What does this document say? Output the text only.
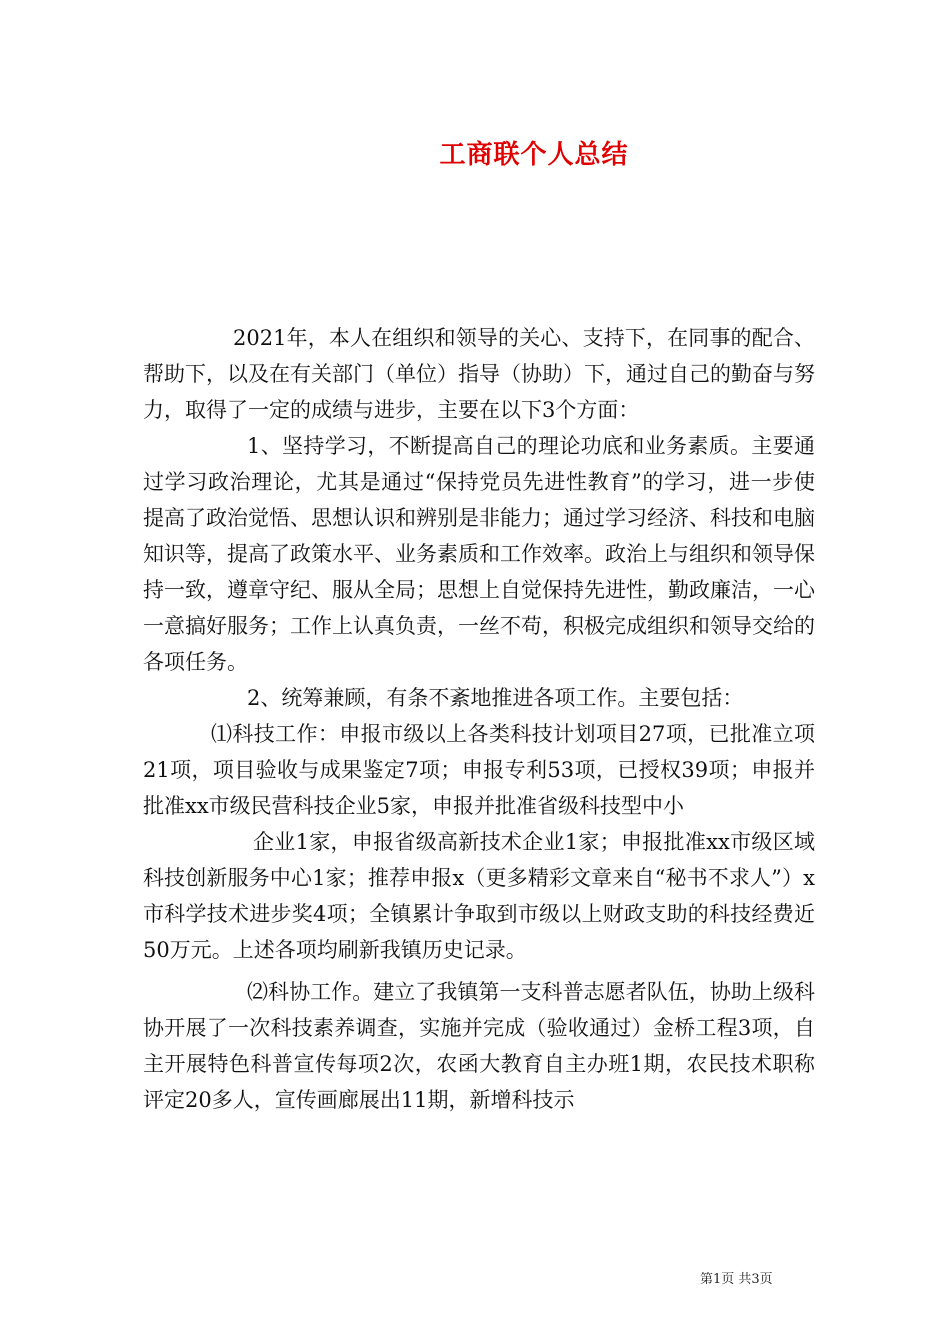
工商联个人总结

2021年，本人在组织和领导的关心、支持下，在同事的配合、帮助下，以及在有关部门（单位）指导（协助）下，通过自己的勤奋与努力，取得了一定的成绩与进步，主要在以下3个方面：

1、坚持学习，不断提高自己的理论功底和业务素质。主要通过学习政治理论，尤其是通过“保持党员先进性教育”的学习，进一步使提高了政治觉悟、思想认识和辨别是非能力；通过学习经济、科技和电脑知识等，提高了政策水平、业务素质和工作效率。政治上与组织和领导保持一致，遵章守纪、服从全局；思想上自觉保持先进性，勤政廉洁，一心一意搞好服务；工作上认真负责，一丝不苟，积极完成组织和领导交给的各项任务。

2、统筹兼顾，有条不紊地推进各项工作。主要包括：

⑴科技工作：申报市级以上各类科技计划项目27项，已批准立项21项，项目验收与成果鉴定7项；申报专利53项，已授权39项；申报并批准xx市级民营科技企业5家，申报并批准省级科技型中小

企业1家，申报省级高新技术企业1家；申报批准xx市级区域科技创新服务中心1家；推荐申报x（更多精彩文章来自“秘书不求人”）x市科学技术进步奖4项；全镇累计争取到市级以上财政支助的科技经费近50万元。上述各项均刷新我镇历史记录。

⑵科协工作。建立了我镇第一支科普志愿者队伍，协助上级科协开展了一次科技素养调查，实施并完成（验收通过）金桥工程3项，自主开展特色科普宣传每项2次，农函大教育自主办班1期，农民技术职称评定20多人，宣传画廊展出11期，新增科技示

第1页 共3页
